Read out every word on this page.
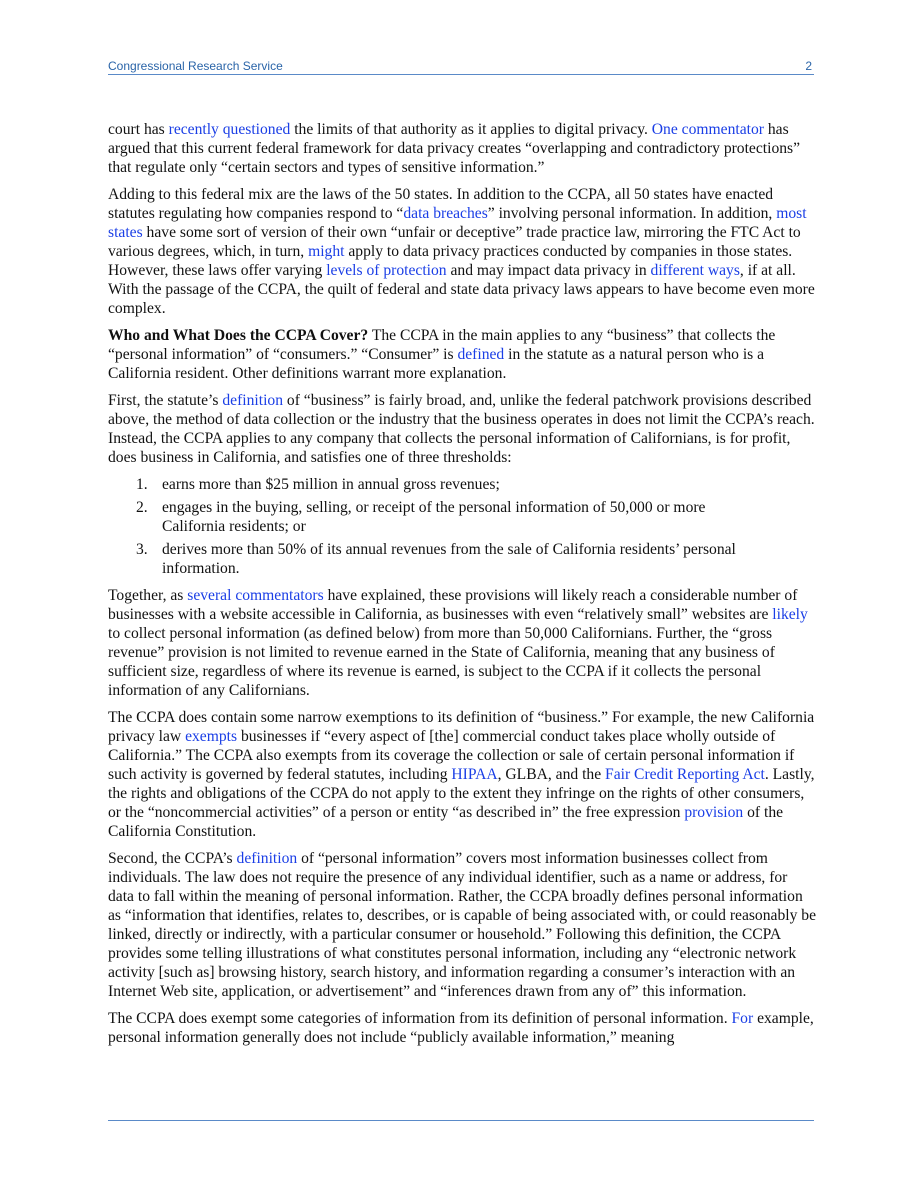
Congressional Research Service	2

court has recently questioned the limits of that authority as it applies to digital privacy. One commentator has argued that this current federal framework for data privacy creates “overlapping and contradictory protections” that regulate only “certain sectors and types of sensitive information.”

Adding to this federal mix are the laws of the 50 states. In addition to the CCPA, all 50 states have enacted statutes regulating how companies respond to “data breaches” involving personal information. In addition, most states have some sort of version of their own “unfair or deceptive” trade practice law, mirroring the FTC Act to various degrees, which, in turn, might apply to data privacy practices conducted by companies in those states. However, these laws offer varying levels of protection and may impact data privacy in different ways, if at all. With the passage of the CCPA, the quilt of federal and state data privacy laws appears to have become even more complex.

Who and What Does the CCPA Cover? The CCPA in the main applies to any “business” that collects the “personal information” of “consumers.” “Consumer” is defined in the statute as a natural person who is a California resident. Other definitions warrant more explanation.

First, the statute’s definition of “business” is fairly broad, and, unlike the federal patchwork provisions described above, the method of data collection or the industry that the business operates in does not limit the CCPA’s reach. Instead, the CCPA applies to any company that collects the personal information of Californians, is for profit, does business in California, and satisfies one of three thresholds:

1. earns more than $25 million in annual gross revenues;
2. engages in the buying, selling, or receipt of the personal information of 50,000 or more California residents; or
3. derives more than 50% of its annual revenues from the sale of California residents’ personal information.

Together, as several commentators have explained, these provisions will likely reach a considerable number of businesses with a website accessible in California, as businesses with even “relatively small” websites are likely to collect personal information (as defined below) from more than 50,000 Californians. Further, the “gross revenue” provision is not limited to revenue earned in the State of California, meaning that any business of sufficient size, regardless of where its revenue is earned, is subject to the CCPA if it collects the personal information of any Californians.

The CCPA does contain some narrow exemptions to its definition of “business.” For example, the new California privacy law exempts businesses if “every aspect of [the] commercial conduct takes place wholly outside of California.” The CCPA also exempts from its coverage the collection or sale of certain personal information if such activity is governed by federal statutes, including HIPAA, GLBA, and the Fair Credit Reporting Act. Lastly, the rights and obligations of the CCPA do not apply to the extent they infringe on the rights of other consumers, or the “noncommercial activities” of a person or entity “as described in” the free expression provision of the California Constitution.

Second, the CCPA’s definition of “personal information” covers most information businesses collect from individuals. The law does not require the presence of any individual identifier, such as a name or address, for data to fall within the meaning of personal information. Rather, the CCPA broadly defines personal information as “information that identifies, relates to, describes, or is capable of being associated with, or could reasonably be linked, directly or indirectly, with a particular consumer or household.” Following this definition, the CCPA provides some telling illustrations of what constitutes personal information, including any “electronic network activity [such as] browsing history, search history, and information regarding a consumer’s interaction with an Internet Web site, application, or advertisement” and “inferences drawn from any of” this information.

The CCPA does exempt some categories of information from its definition of personal information. For example, personal information generally does not include “publicly available information,” meaning
